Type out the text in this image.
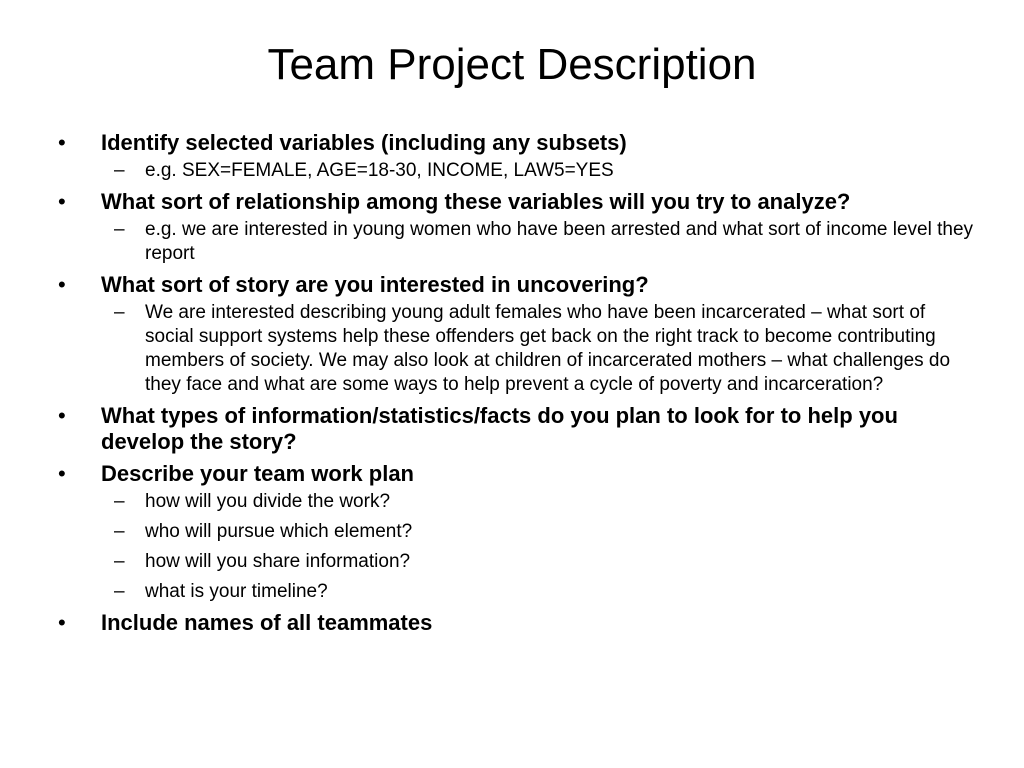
Team Project Description
•	Identify selected variables (including any subsets)
– e.g. SEX=FEMALE, AGE=18-30, INCOME, LAW5=YES
•	What sort of relationship among these variables will you try to analyze?
– e.g. we are interested in young women who have been arrested and what sort of income level they report
•	What sort of story are you interested in uncovering?
– We are interested describing young adult females who have been incarcerated – what sort of social support systems help these offenders get back on the right track to become contributing members of society. We may also look at children of incarcerated mothers – what challenges do they face and what are some ways to help prevent a cycle of poverty and incarceration?
•	What types of information/statistics/facts do you plan to look for to help you develop the story?
•	Describe your team work plan
– how will you divide the work?
– who will pursue which element?
– how will you share information?
– what is your timeline?
•	Include names of all teammates
